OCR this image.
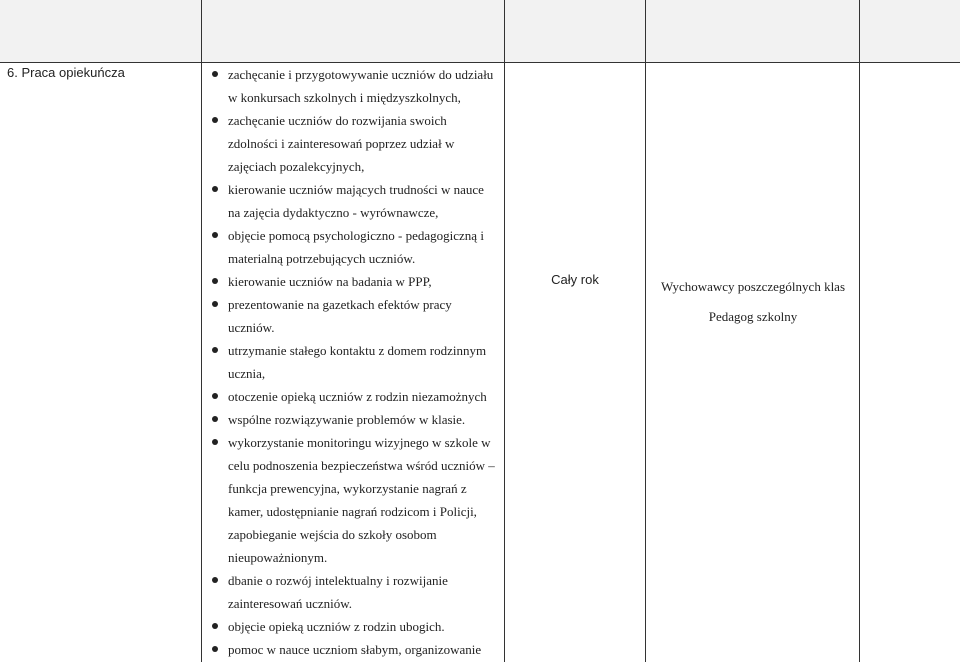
6. Praca opiekuńcza	zachęcanie i przygotowywanie uczniów do udziału
w konkursach szkolnych i międzyszkolnych,
zachęcanie uczniów do rozwijania swoich
zdolności i zainteresowań poprzez udział w
zajęciach pozalekcyjnych,
kierowanie uczniów mających trudności w nauce
na zajęcia dydaktyczno - wyrównawcze,
objęcie pomocą psychologiczno - pedagogiczną i
materialną potrzebujących uczniów.
kierowanie uczniów na badania w PPP,
prezentowanie na gazetkach efektów pracy
uczniów.
utrzymanie stałego kontaktu z domem rodzinnym
ucznia,
otoczenie opieką uczniów z rodzin niezamożnych
wspólne rozwiązywanie problemów w klasie.
wykorzystanie monitoringu wizyjnego w szkole w
celu podnoszenia bezpieczeństwa wśród uczniów –
funkcja prewencyjna, wykorzystanie nagrań z
kamer, udostępnianie nagrań rodzicom i Policji,
zapobieganie wejścia do szkoły osobom
nieupoważnionym.
dbanie o rozwój intelektualny i rozwijanie
zainteresowań uczniów.
objęcie opieką uczniów z rodzin ubogich.
pomoc w nauce uczniom słabym, organizowanie
Cały rok	Wychowawcy poszczególnych klas
Pedagog szkolny
